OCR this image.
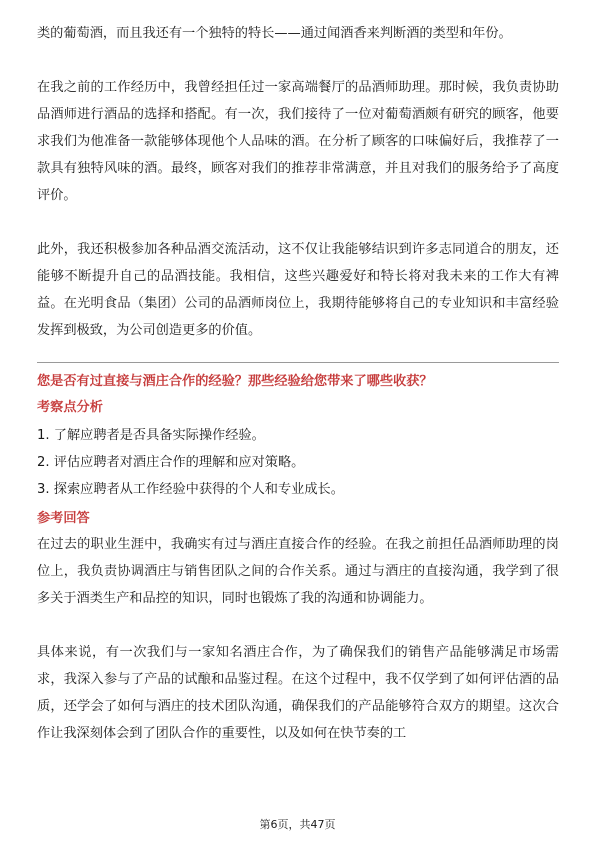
类的葡萄酒，而且我还有一个独特的特长——通过闻酒香来判断酒的类型和年份。

在我之前的工作经历中，我曾经担任过一家高端餐厅的品酒师助理。那时候，我负责协助品酒师进行酒品的选择和搭配。有一次，我们接待了一位对葡萄酒颇有研究的顾客，他要求我们为他准备一款能够体现他个人品味的酒。在分析了顾客的口味偏好后，我推荐了一款具有独特风味的酒。最终，顾客对我们的推荐非常满意，并且对我们的服务给予了高度评价。

此外，我还积极参加各种品酒交流活动，这不仅让我能够结识到许多志同道合的朋友，还能够不断提升自己的品酒技能。我相信，这些兴趣爱好和特长将对我未来的工作大有裨益。在光明食品（集团）公司的品酒师岗位上，我期待能够将自己的专业知识和丰富经验发挥到极致，为公司创造更多的价值。

您是否有过直接与酒庄合作的经验？那些经验给您带来了哪些收获？
考察点分析
1. 了解应聘者是否具备实际操作经验。
2. 评估应聘者对酒庄合作的理解和应对策略。
3. 探索应聘者从工作经验中获得的个人和专业成长。
参考回答

在过去的职业生涯中，我确实有过与酒庄直接合作的经验。在我之前担任品酒师助理的岗位上，我负责协调酒庄与销售团队之间的合作关系。通过与酒庄的直接沟通，我学到了很多关于酒类生产和品控的知识，同时也锻炼了我的沟通和协调能力。

具体来说，有一次我们与一家知名酒庄合作，为了确保我们的销售产品能够满足市场需求，我深入参与了产品的试酿和品鉴过程。在这个过程中，我不仅学到了如何评估酒的品质，还学会了如何与酒庄的技术团队沟通，确保我们的产品能够符合双方的期望。这次合作让我深刻体会到了团队合作的重要性，以及如何在快节奏的工

第6页，共47页
